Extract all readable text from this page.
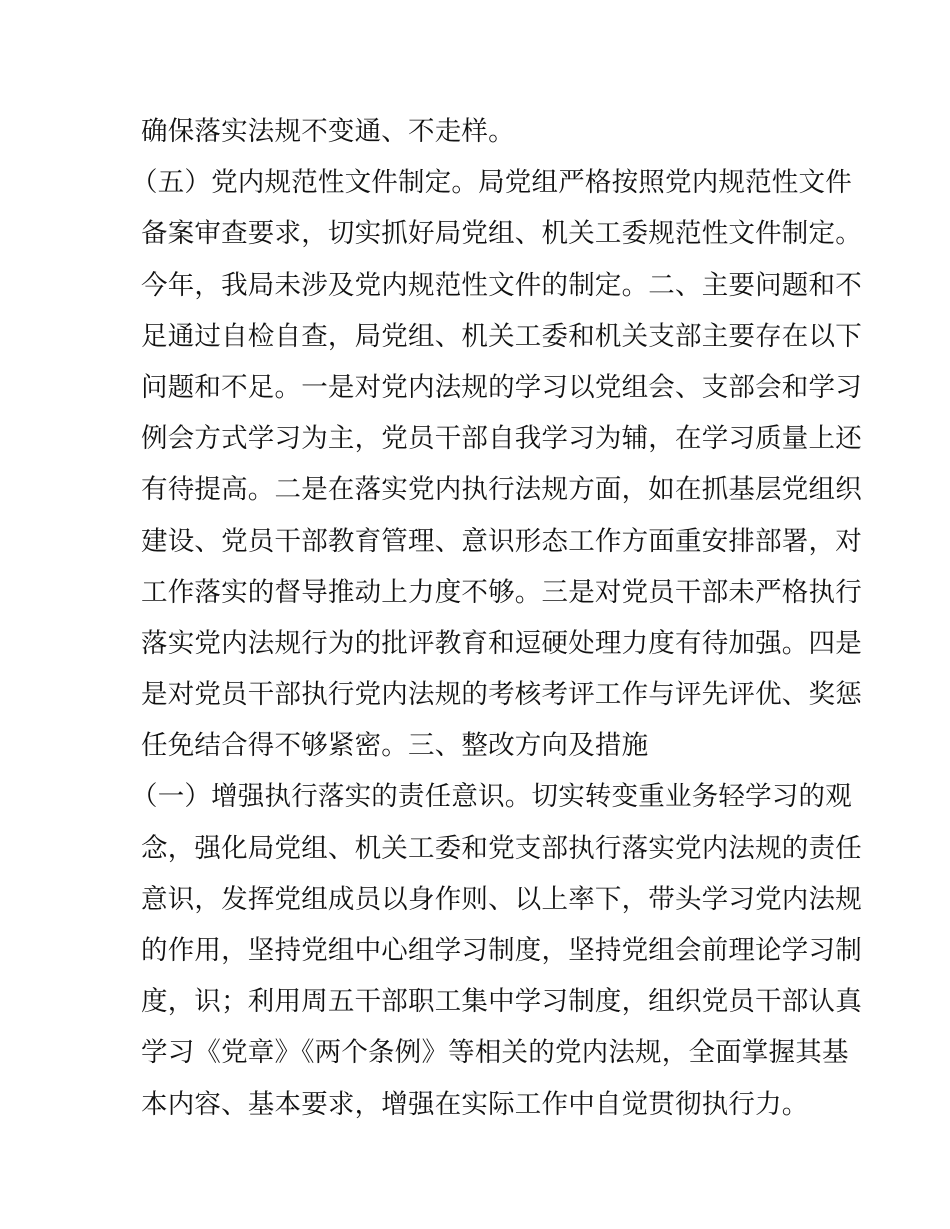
确保落实法规不变通、不走样。
（五）党内规范性文件制定。局党组严格按照党内规范性文件
备案审查要求，切实抓好局党组、机关工委规范性文件制定。
今年，我局未涉及党内规范性文件的制定。二、主要问题和不
足通过自检自查，局党组、机关工委和机关支部主要存在以下
问题和不足。一是对党内法规的学习以党组会、支部会和学习
例会方式学习为主，党员干部自我学习为辅，在学习质量上还
有待提高。二是在落实党内执行法规方面，如在抓基层党组织
建设、党员干部教育管理、意识形态工作方面重安排部署，对
工作落实的督导推动上力度不够。三是对党员干部未严格执行
落实党内法规行为的批评教育和逗硬处理力度有待加强。四是
是对党员干部执行党内法规的考核考评工作与评先评优、奖惩
任免结合得不够紧密。三、整改方向及措施
（一）增强执行落实的责任意识。切实转变重业务轻学习的观
念，强化局党组、机关工委和党支部执行落实党内法规的责任
意识，发挥党组成员以身作则、以上率下，带头学习党内法规
的作用，坚持党组中心组学习制度，坚持党组会前理论学习制
度，识；利用周五干部职工集中学习制度，组织党员干部认真
学习《党章》《两个条例》等相关的党内法规，全面掌握其基
本内容、基本要求，增强在实际工作中自觉贯彻执行力。
